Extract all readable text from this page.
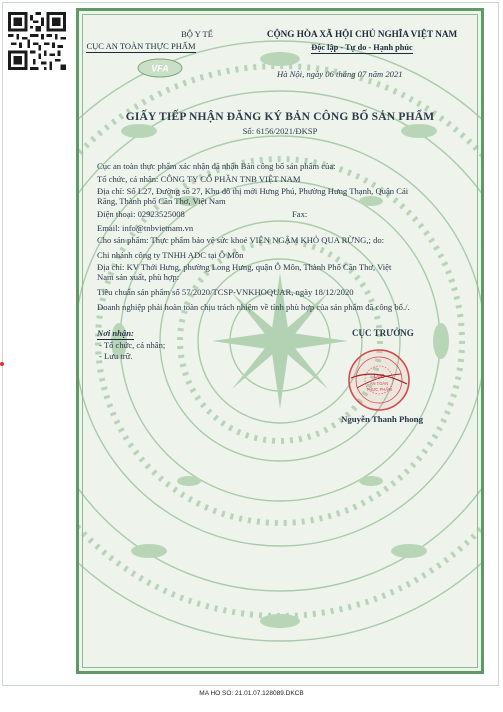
BỘ Y TẾ
CỤC AN TOÀN THỰC PHẨM
VFA
CỘNG HÒA XÃ HỘI CHỦ NGHĨA VIỆT NAM
Độc lập - Tự do - Hạnh phúc
Hà Nội, ngày 06 tháng 07 năm 2021
GIẤY TIẾP NHẬN ĐĂNG KÝ BẢN CÔNG BỐ SẢN PHẨM
Số: 6156/2021/ĐKSP
Cục an toàn thực phẩm xác nhận đã nhận Bản công bố sản phẩm của:
Tổ chức, cá nhân: CÔNG TY CỔ PHẦN TNB VIỆT NAM
Địa chỉ: Số L27, Đường số 27, Khu đô thị mới Hưng Phú, Phường Hưng Thạnh, Quận Cái
Răng, Thành phố Cần Thơ, Việt Nam
Điện thoại: 02923525008	Fax:
Email: info@tnbvietnam.vn
Cho sản phẩm: Thực phẩm bảo vệ sức khoẻ VIÊN NGẬM KHỎ QUA RỪNG,; do:
Chi nhánh công ty TNHH ADC tại Ô Môn
Địa chỉ: KV Thới Hưng, phường Long Hưng, quận Ô Môn, Thành Phố Cần Thơ, Việt
Nam sản xuất, phù hợp:
Tiêu chuẩn sản phẩm số 57/2020/TCSP-VNKHOQUAR, ngày 18/12/2020
Doanh nghiệp phải hoàn toàn chịu trách nhiệm về tính phù hợp của sản phẩm đã công bố./.
Nơi nhận:
- Tổ chức, cá nhân;
- Lưu trữ.
CỤC TRƯỞNG
CỤC
AN TOÀN
THỰC PHẨM
Nguyễn Thanh Phong
MA HO SO: 21.01.07.128089.DKCB
